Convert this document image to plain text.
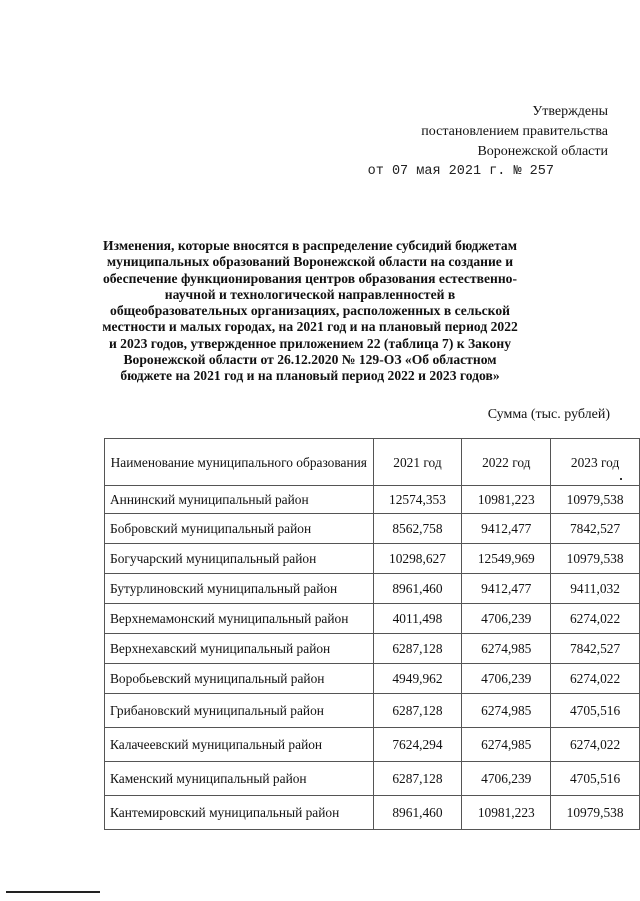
Утверждены
постановлением правительства
Воронежской области
от 07 мая 2021 г. № 257
Изменения, которые вносятся в распределение субсидий бюджетам муниципальных образований Воронежской области на создание и обеспечение функционирования центров образования естественно-научной и технологической направленностей в общеобразовательных организациях, расположенных в сельской местности и малых городах, на 2021 год и на плановый период 2022 и 2023 годов, утвержденное приложением 22 (таблица 7) к Закону Воронежской области от 26.12.2020 № 129-ОЗ «Об областном бюджете на 2021 год и на плановый период 2022 и 2023 годов»
Сумма (тыс. рублей)
Наименование муниципального образования	2021 год	2022 год	2023 год
Аннинский муниципальный район	12574,353	10981,223	10979,538
Бобровский муниципальный район	8562,758	9412,477	7842,527
Богучарский муниципальный район	10298,627	12549,969	10979,538
Бутурлиновский муниципальный район	8961,460	9412,477	9411,032
Верхнемамонский муниципальный район	4011,498	4706,239	6274,022
Верхнехавский муниципальный район	6287,128	6274,985	7842,527
Воробьевский муниципальный район	4949,962	4706,239	6274,022
Грибановский муниципальный район	6287,128	6274,985	4705,516
Калачеевский муниципальный район	7624,294	6274,985	6274,022
Каменский муниципальный район	6287,128	4706,239	4705,516
Кантемировский муниципальный район	8961,460	10981,223	10979,538
